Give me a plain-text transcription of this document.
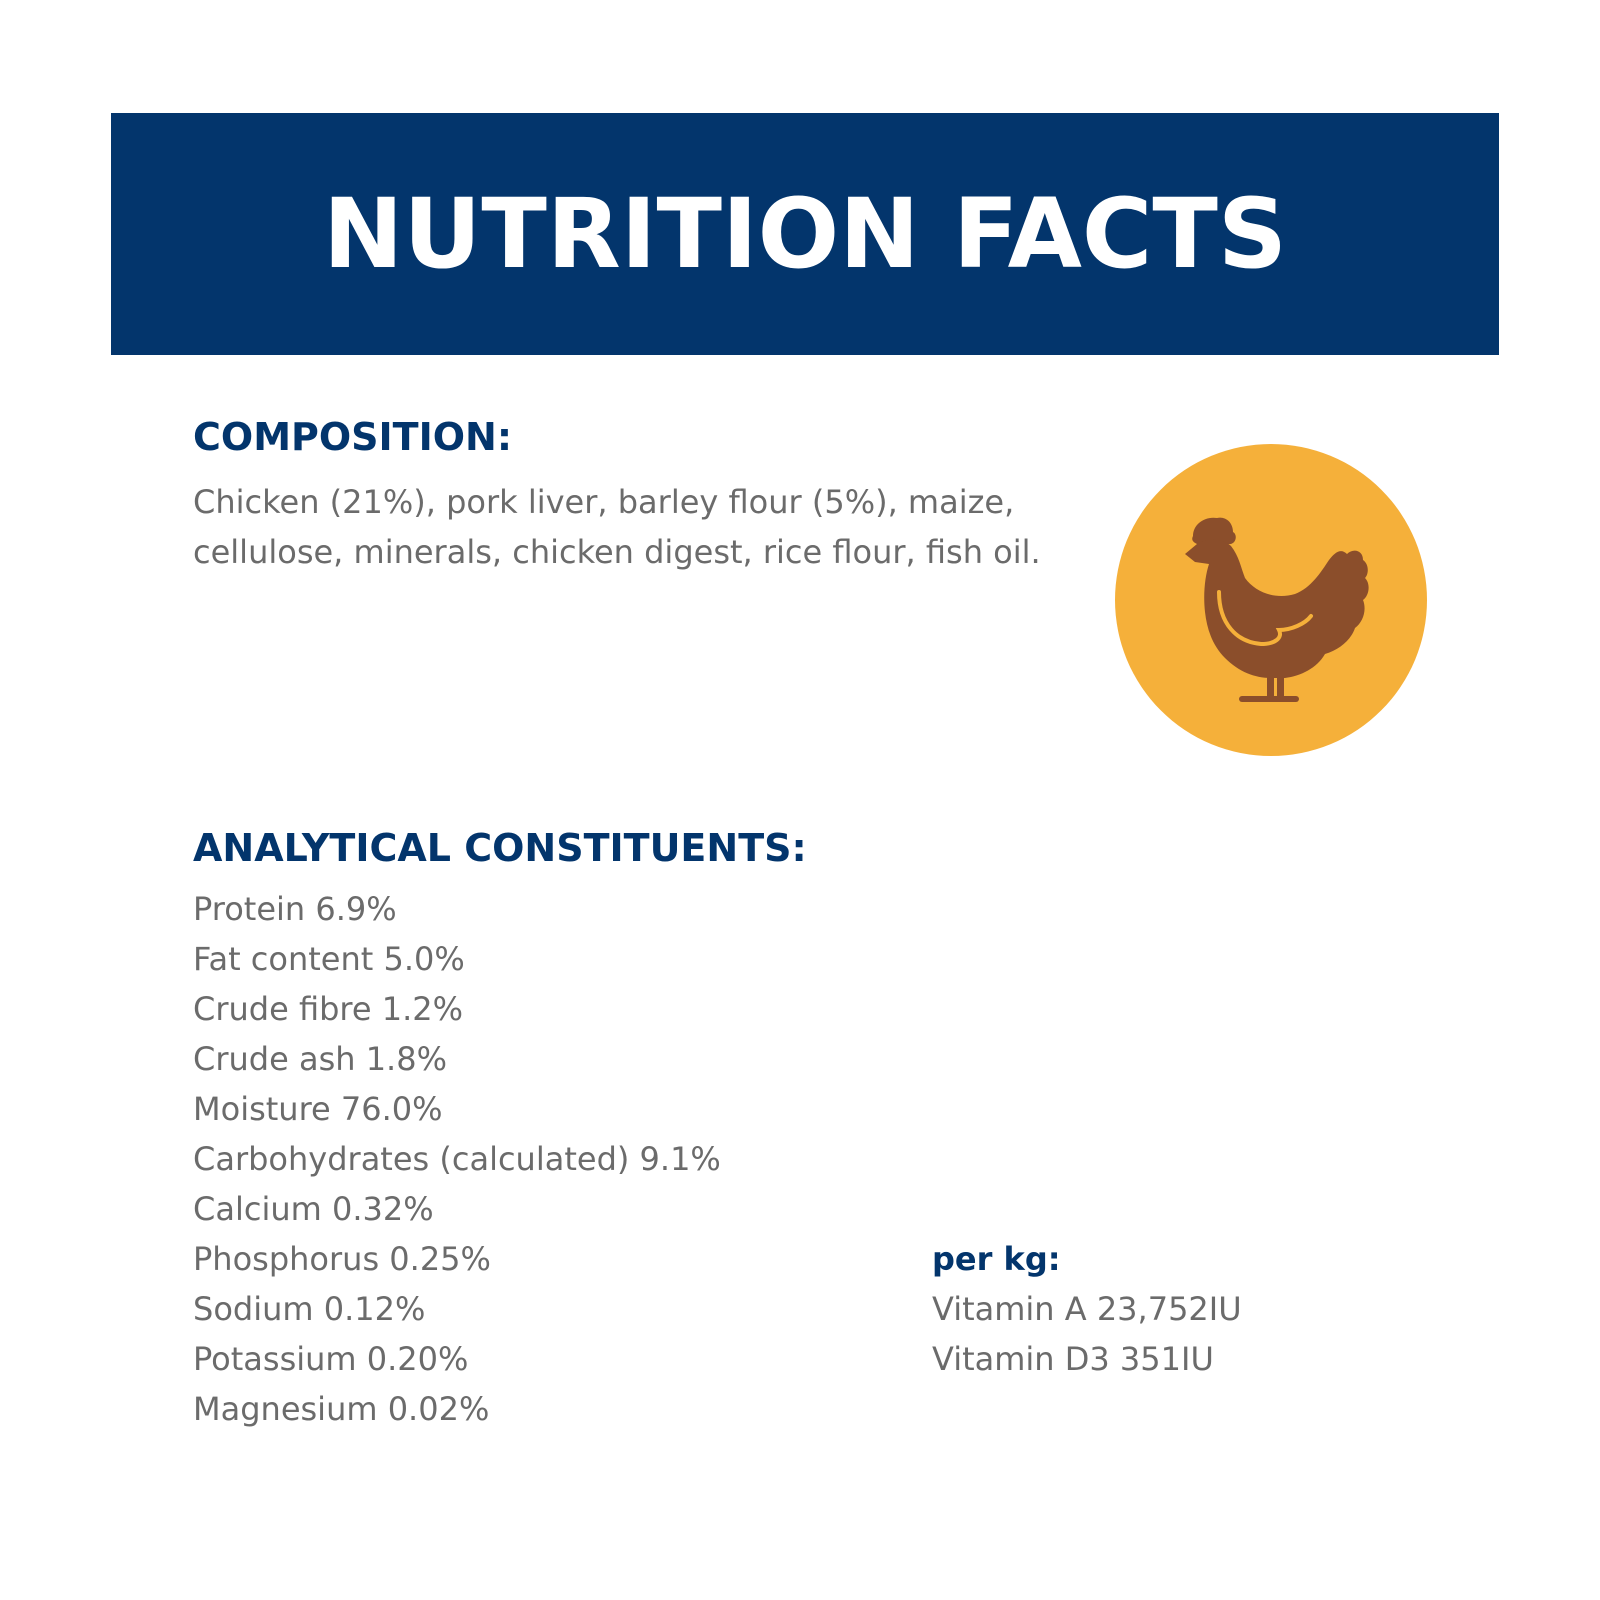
NUTRITION FACTS
COMPOSITION:

Chicken (21%), pork liver, barley flour (5%), maize, cellulose, minerals, chicken digest, rice flour, fish oil.

ANALYTICAL CONSTITUENTS:
Protein 6.9%
Fat content 5.0%
Crude fibre 1.2%
Crude ash 1.8%
Moisture 76.0%
Carbohydrates (calculated) 9.1%
Calcium 0.32%
Phosphorus 0.25%
Sodium 0.12%
Potassium 0.20%
Magnesium 0.02%
per kg:
Vitamin A 23,752IU
Vitamin D3 351IU
